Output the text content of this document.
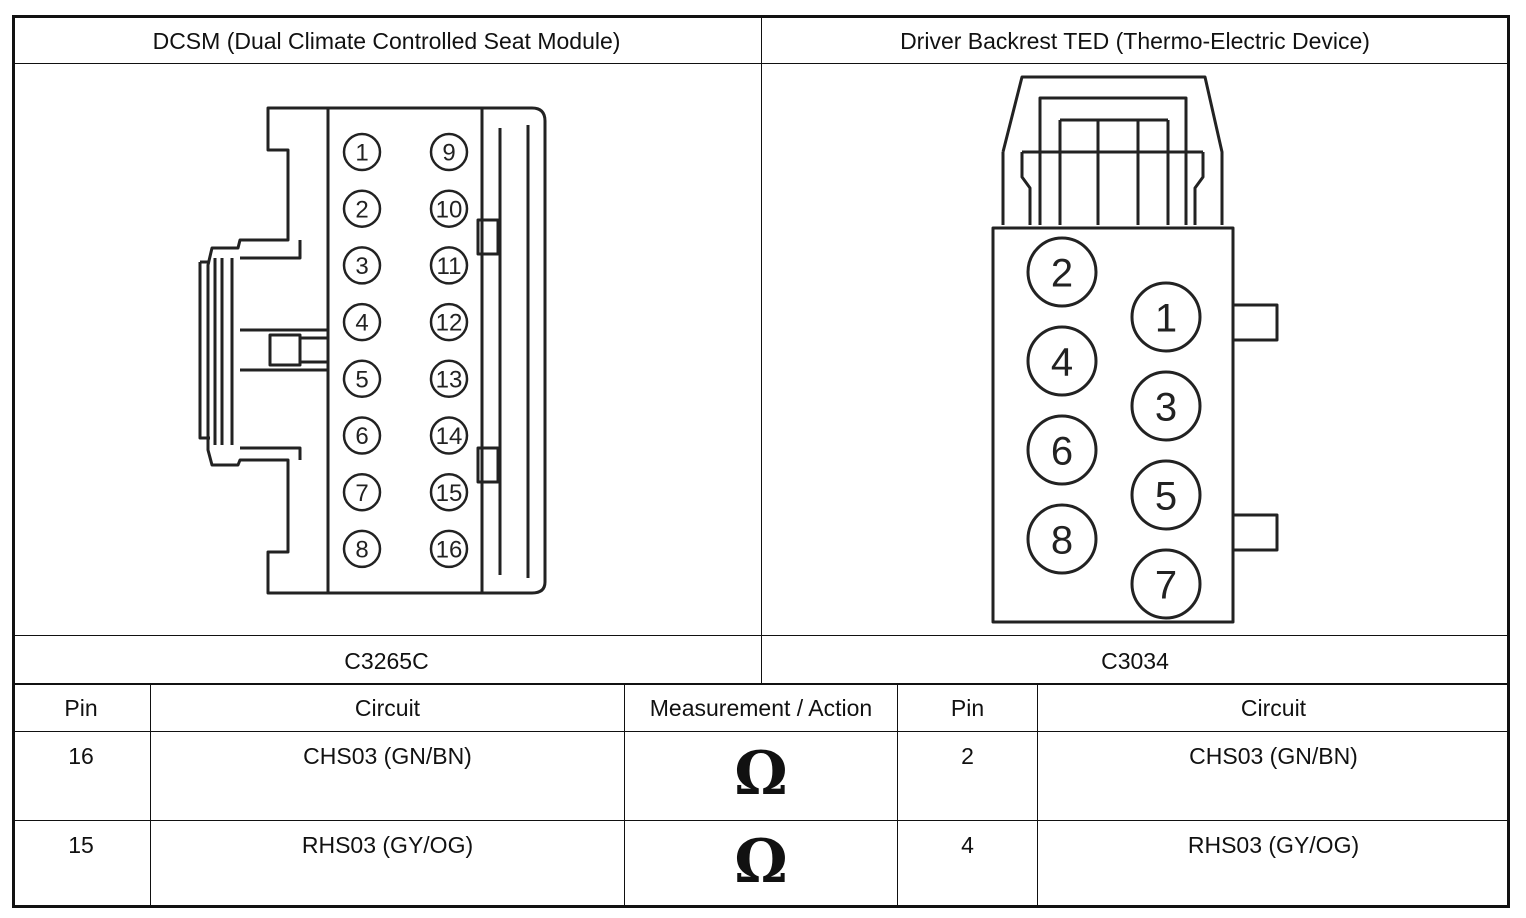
DCSM (Dual Climate Controlled Seat Module)	Driver Backrest TED (Thermo-Electric Device)
C3265C	C3034
Pin	Circuit	Measurement / Action	Pin	Circuit
16	CHS03 (GN/BN)	Ω	2	CHS03 (GN/BN)
15	RHS03 (GY/OG)	Ω	4	RHS03 (GY/OG)
1
2
3
4
5
6
7
8
9
10
11
12
13
14
15
16
2
4
6
8
1
3
5
7
